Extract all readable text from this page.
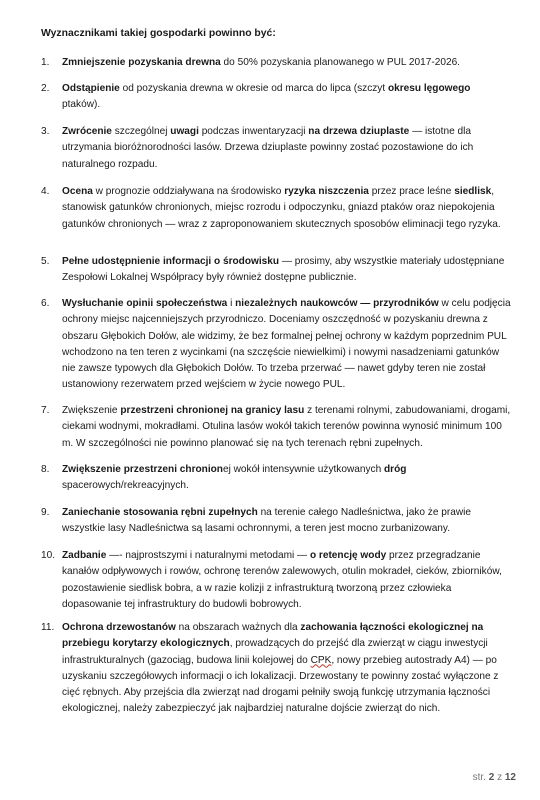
Wyznacznikami takiej gospodarki powinno być:
1.	Zmniejszenie pozyskania drewna do 50% pozyskania planowanego w PUL 2017-2026.
2.	Odstąpienie od pozyskania drewna w okresie od marca do lipca (szczyt okresu lęgowego ptaków).
3.	Zwrócenie szczególnej uwagi podczas inwentaryzacji na drzewa dziuplaste — istotne dla utrzymania bioróżnorodności lasów. Drzewa dziuplaste powinny zostać pozostawione do ich naturalnego rozpadu.
4.	Ocena w prognozie oddziaływana na środowisko ryzyka niszczenia przez prace leśne siedlisk, stanowisk gatunków chronionych, miejsc rozrodu i odpoczynku, gniazd ptaków oraz niepokojenia gatunków chronionych — wraz z zaproponowaniem skutecznych sposobów eliminacji tego ryzyka.
5.	Pełne udostępnienie informacji o środowisku — prosimy, aby wszystkie materiały udostępniane Zespołowi Lokalnej Współpracy były również dostępne publicznie.
6.	Wysłuchanie opinii społeczeństwa i niezależnych naukowców — przyrodników w celu podjęcia ochrony miejsc najcenniejszych przyrodniczo. Doceniamy oszczędność w pozyskaniu drewna z obszaru Głębokich Dołów, ale widzimy, że bez formalnej pełnej ochrony w każdym poprzednim PUL wchodzono na ten teren z wycinkami (na szczęście niewielkimi) i nowymi nasadzeniami gatunków nie zawsze typowych dla Głębokich Dołów. To trzeba przerwać — nawet gdyby teren nie został ustanowiony rezerwatem przed wejściem w życie nowego PUL.
7.	Zwiększenie przestrzeni chronionej na granicy lasu z terenami rolnymi, zabudowaniami, drogami, ciekami wodnymi, mokradłami. Otulina lasów wokół takich terenów powinna wynosić minimum 100 m. W szczególności nie powinno planować się na tych terenach rębni zupełnych.
8.	Zwiększenie przestrzeni chronionej wokół intensywnie użytkowanych dróg spacerowych/rekreacyjnych.
9.	Zaniechanie stosowania rębni zupełnych na terenie całego Nadleśnictwa, jako że prawie wszystkie lasy Nadleśnictwa są lasami ochronnymi, a teren jest mocno zurbanizowany.
10. Zadbanie —- najprostszymi i naturalnymi metodami — o retencję wody przez przegradzanie kanałów odpływowych i rowów, ochronę terenów zalewowych, otulin mokradeł, cieków, zbiorników, pozostawienie siedlisk bobra, a w razie kolizji z infrastrukturą tworzoną przez człowieka dopasowanie tej infrastruktury do budowli bobrowych.
11. Ochrona drzewostanów na obszarach ważnych dla zachowania łączności ekologicznej na przebiegu korytarzy ekologicznych, prowadzących do przejść dla zwierząt w ciągu inwestycji infrastrukturalnych (gazociąg, budowa linii kolejowej do CPK, nowy przebieg autostrady A4) — po uzyskaniu szczegółowych informacji o ich lokalizacji. Drzewostany te powinny zostać wyłączone z cięć rębnych. Aby przejścia dla zwierząt nad drogami pełniły swoją funkcję utrzymania łączności ekologicznej, należy zabezpieczyć jak najbardziej naturalne dojście zwierząt do nich.
str. 2 z 12
